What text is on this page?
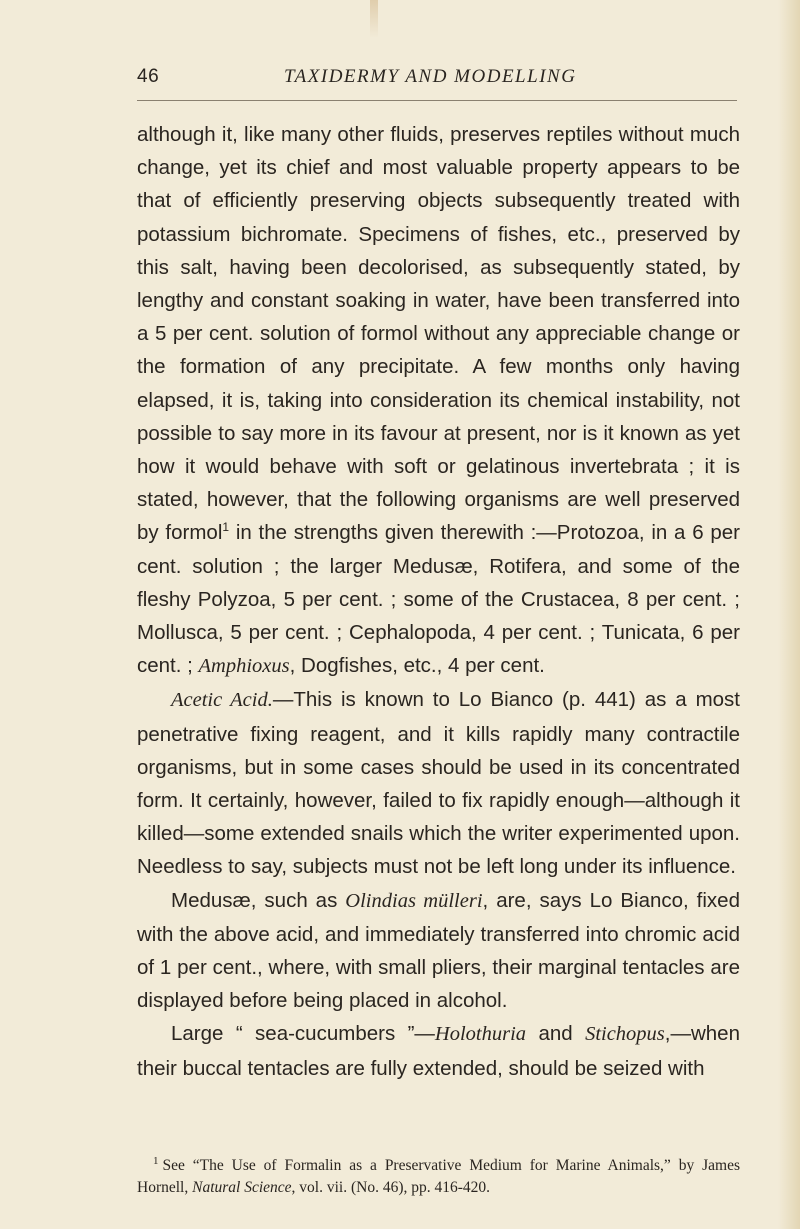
46	TAXIDERMY AND MODELLING

although it, like many other fluids, preserves reptiles without much change, yet its chief and most valuable property appears to be that of efficiently preserving objects subsequently treated with potassium bichromate. Specimens of fishes, etc., preserved by this salt, having been decolorised, as subsequently stated, by lengthy and constant soaking in water, have been transferred into a 5 per cent. solution of formol without any appreciable change or the formation of any precipitate. A few months only having elapsed, it is, taking into consideration its chemical instability, not possible to say more in its favour at present, nor is it known as yet how it would behave with soft or gelatinous invertebrata ; it is stated, however, that the following organisms are well preserved by formol$^1$ in the strengths given therewith :—Protozoa, in a 6 per cent. solution ; the larger Medusæ, Rotifera, and some of the fleshy Polyzoa, 5 per cent. ; some of the Crustacea, 8 per cent. ; Mollusca, 5 per cent. ; Cephalopoda, 4 per cent. ; Tunicata, 6 per cent. ; Amphioxus, Dogfishes, etc., 4 per cent.

Acetic Acid.—This is known to Lo Bianco (p. 441) as a most penetrative fixing reagent, and it kills rapidly many contractile organisms, but in some cases should be used in its concentrated form. It certainly, however, failed to fix rapidly enough—although it killed—some extended snails which the writer experimented upon. Needless to say, subjects must not be left long under its influence.

Medusæ, such as Olindias mülleri, are, says Lo Bianco, fixed with the above acid, and immediately transferred into chromic acid of 1 per cent., where, with small pliers, their marginal tentacles are displayed before being placed in alcohol.

Large “ sea-cucumbers ”—Holothuria and Stichopus,—when their buccal tentacles are fully extended, should be seized with

$^1$ See “The Use of Formalin as a Preservative Medium for Marine Animals,” by James Hornell, Natural Science, vol. vii. (No. 46), pp. 416-420.
